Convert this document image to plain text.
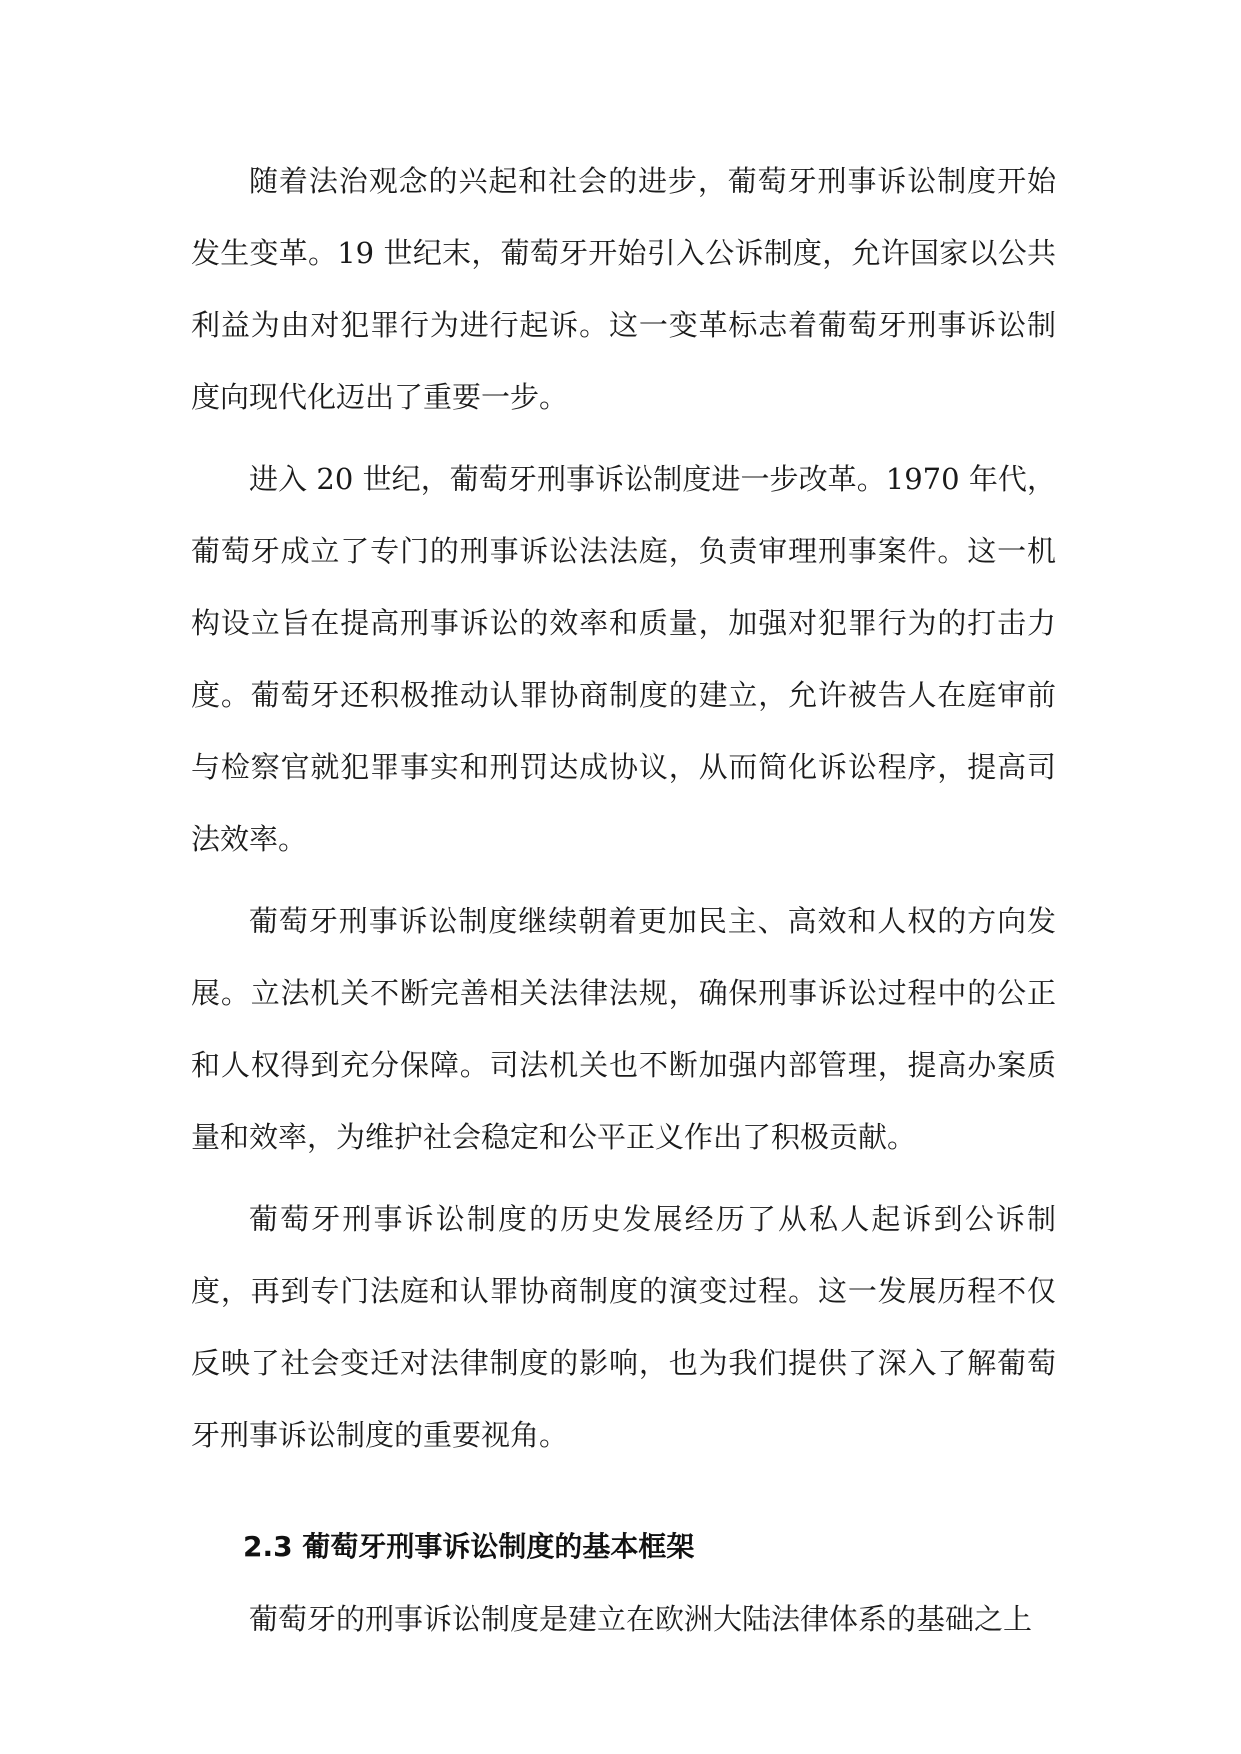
随着法治观念的兴起和社会的进步，葡萄牙刑事诉讼制度开始发生变革。19 世纪末，葡萄牙开始引入公诉制度，允许国家以公共利益为由对犯罪行为进行起诉。这一变革标志着葡萄牙刑事诉讼制度向现代化迈出了重要一步。

进入 20 世纪，葡萄牙刑事诉讼制度进一步改革。1970 年代，葡萄牙成立了专门的刑事诉讼法法庭，负责审理刑事案件。这一机构设立旨在提高刑事诉讼的效率和质量，加强对犯罪行为的打击力度。葡萄牙还积极推动认罪协商制度的建立，允许被告人在庭审前与检察官就犯罪事实和刑罚达成协议，从而简化诉讼程序，提高司法效率。

葡萄牙刑事诉讼制度继续朝着更加民主、高效和人权的方向发展。立法机关不断完善相关法律法规，确保刑事诉讼过程中的公正和人权得到充分保障。司法机关也不断加强内部管理，提高办案质量和效率，为维护社会稳定和公平正义作出了积极贡献。

葡萄牙刑事诉讼制度的历史发展经历了从私人起诉到公诉制度，再到专门法庭和认罪协商制度的演变过程。这一发展历程不仅反映了社会变迁对法律制度的影响，也为我们提供了深入了解葡萄牙刑事诉讼制度的重要视角。

2.3 葡萄牙刑事诉讼制度的基本框架

葡萄牙的刑事诉讼制度是建立在欧洲大陆法律体系的基础之上
